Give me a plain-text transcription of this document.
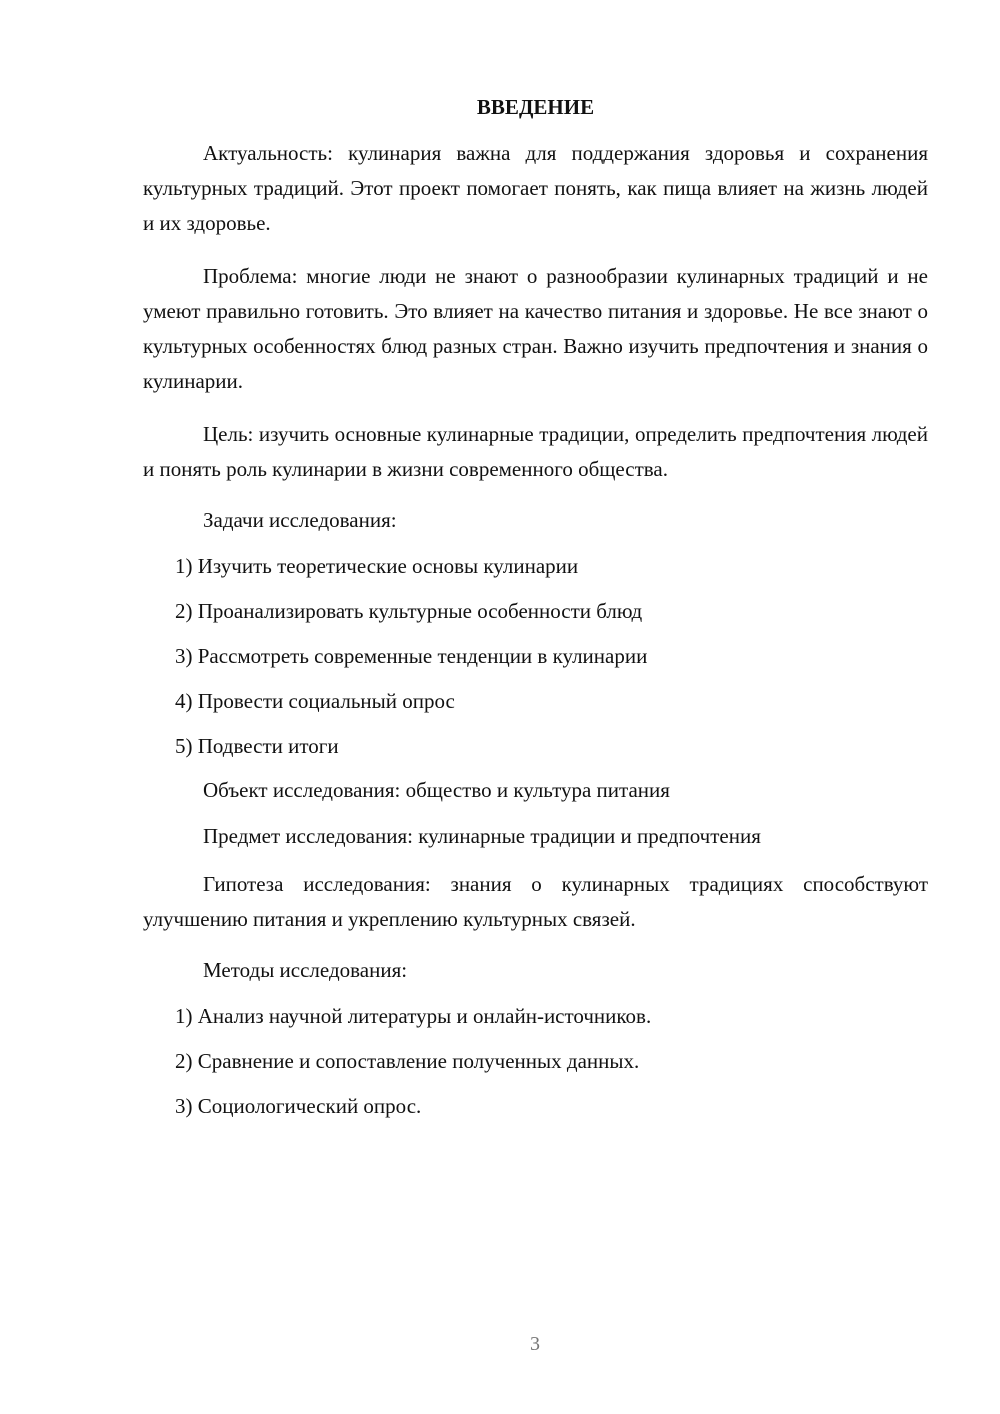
ВВЕДЕНИЕ

Актуальность: кулинария важна для поддержания здоровья и сохранения культурных традиций. Этот проект помогает понять, как пища влияет на жизнь людей и их здоровье.

Проблема: многие люди не знают о разнообразии кулинарных традиций и не умеют правильно готовить. Это влияет на качество питания и здоровье. Не все знают о культурных особенностях блюд разных стран. Важно изучить предпочтения и знания о кулинарии.

Цель: изучить основные кулинарные традиции, определить предпочтения людей и понять роль кулинарии в жизни современного общества.

Задачи исследования:

1) Изучить теоретические основы кулинарии

2) Проанализировать культурные особенности блюд

3) Рассмотреть современные тенденции в кулинарии

4) Провести социальный опрос

5) Подвести итоги

Объект исследования: общество и культура питания

Предмет исследования: кулинарные традиции и предпочтения

Гипотеза исследования: знания о кулинарных традициях способствуют улучшению питания и укреплению культурных связей.

Методы исследования:

1) Анализ научной литературы и онлайн-источников.

2) Сравнение и сопоставление полученных данных.

3) Социологический опрос.

3
